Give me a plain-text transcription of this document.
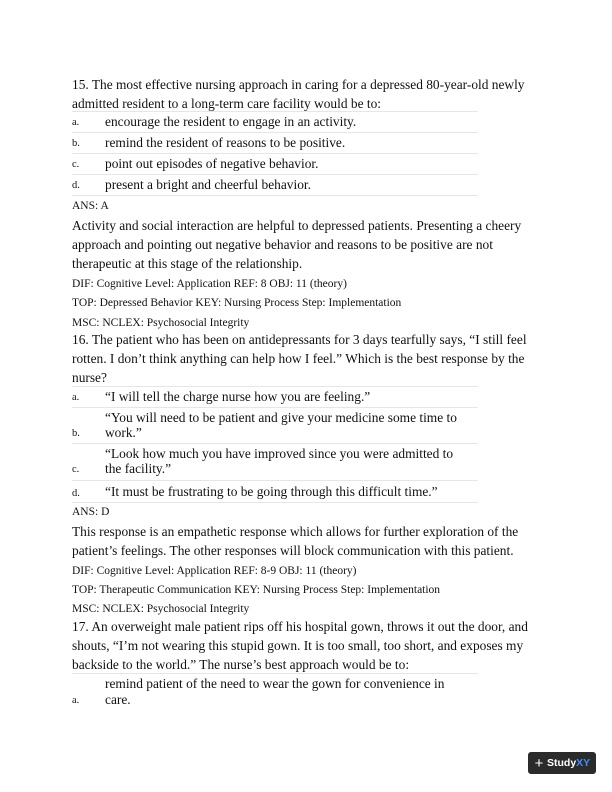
15. The most effective nursing approach in caring for a depressed 80-year-old newly
admitted resident to a long-term care facility would be to:
a. encourage the resident to engage in an activity.
b. remind the resident of reasons to be positive.
c. point out episodes of negative behavior.
d. present a bright and cheerful behavior.
ANS: A
Activity and social interaction are helpful to depressed patients. Presenting a cheery
approach and pointing out negative behavior and reasons to be positive are not
therapeutic at this stage of the relationship.
DIF: Cognitive Level: Application REF: 8 OBJ: 11 (theory)
TOP: Depressed Behavior KEY: Nursing Process Step: Implementation
MSC: NCLEX: Psychosocial Integrity
16. The patient who has been on antidepressants for 3 days tearfully says, “I still feel
rotten. I don’t think anything can help how I feel.” Which is the best response by the
nurse?
a. “I will tell the charge nurse how you are feeling.”
“You will need to be patient and give your medicine some time to
b. work.”
“Look how much you have improved since you were admitted to
c. the facility.”
d. “It must be frustrating to be going through this difficult time.”
ANS: D
This response is an empathetic response which allows for further exploration of the
patient’s feelings. The other responses will block communication with this patient.
DIF: Cognitive Level: Application REF: 8-9 OBJ: 11 (theory)
TOP: Therapeutic Communication KEY: Nursing Process Step: Implementation
MSC: NCLEX: Psychosocial Integrity
17. An overweight male patient rips off his hospital gown, throws it out the door, and
shouts, “I’m not wearing this stupid gown. It is too small, too short, and exposes my
backside to the world.” The nurse’s best approach would be to:
remind patient of the need to wear the gown for convenience in
a. care.
+ Study XY
